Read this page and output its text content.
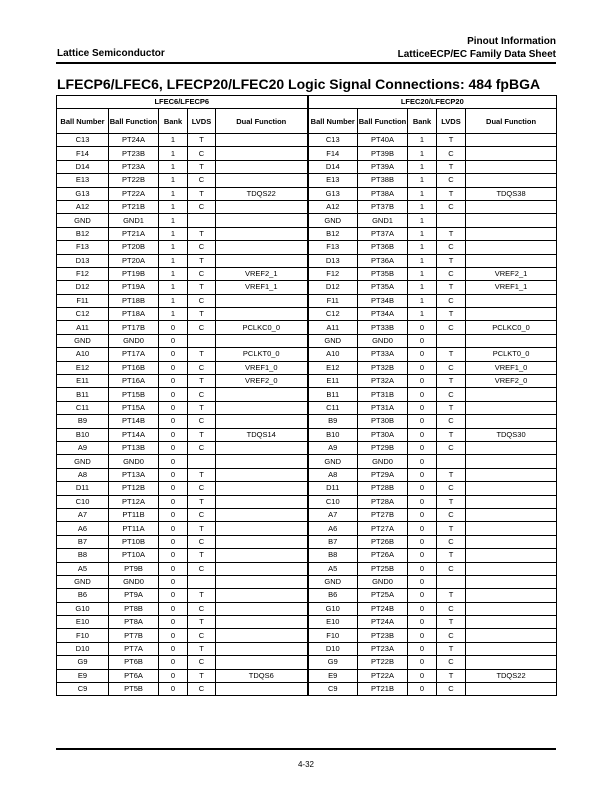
Lattice Semiconductor
Pinout Information
LatticeECP/EC Family Data Sheet
LFECP6/LFEC6, LFECP20/LFEC20 Logic Signal Connections: 484 fpBGA
LFEC6/LFECP6					LFEC20/LFECP20				
Ball Number	Ball Function	Bank	LVDS	Dual Function	Ball Number	Ball Function	Bank	LVDS	Dual Function
C13	PT24A	1	T		C13	PT40A	1	T	
F14	PT23B	1	C		F14	PT39B	1	C	
D14	PT23A	1	T		D14	PT39A	1	T	
E13	PT22B	1	C		E13	PT38B	1	C	
G13	PT22A	1	T	TDQS22	G13	PT38A	1	T	TDQS38
A12	PT21B	1	C		A12	PT37B	1	C	
GND	GND1	1			GND	GND1	1		
B12	PT21A	1	T		B12	PT37A	1	T	
F13	PT20B	1	C		F13	PT36B	1	C	
D13	PT20A	1	T		D13	PT36A	1	T	
F12	PT19B	1	C	VREF2_1	F12	PT35B	1	C	VREF2_1
D12	PT19A	1	T	VREF1_1	D12	PT35A	1	T	VREF1_1
F11	PT18B	1	C		F11	PT34B	1	C	
C12	PT18A	1	T		C12	PT34A	1	T	
A11	PT17B	0	C	PCLKC0_0	A11	PT33B	0	C	PCLKC0_0
GND	GND0	0			GND	GND0	0		
A10	PT17A	0	T	PCLKT0_0	A10	PT33A	0	T	PCLKT0_0
E12	PT16B	0	C	VREF1_0	E12	PT32B	0	C	VREF1_0
E11	PT16A	0	T	VREF2_0	E11	PT32A	0	T	VREF2_0
B11	PT15B	0	C		B11	PT31B	0	C	
C11	PT15A	0	T		C11	PT31A	0	T	
B9	PT14B	0	C		B9	PT30B	0	C	
B10	PT14A	0	T	TDQS14	B10	PT30A	0	T	TDQS30
A9	PT13B	0	C		A9	PT29B	0	C	
GND	GND0	0			GND	GND0	0		
A8	PT13A	0	T		A8	PT29A	0	T	
D11	PT12B	0	C		D11	PT28B	0	C	
C10	PT12A	0	T		C10	PT28A	0	T	
A7	PT11B	0	C		A7	PT27B	0	C	
A6	PT11A	0	T		A6	PT27A	0	T	
B7	PT10B	0	C		B7	PT26B	0	C	
B8	PT10A	0	T		B8	PT26A	0	T	
A5	PT9B	0	C		A5	PT25B	0	C	
GND	GND0	0			GND	GND0	0		
B6	PT9A	0	T		B6	PT25A	0	T	
G10	PT8B	0	C		G10	PT24B	0	C	
E10	PT8A	0	T		E10	PT24A	0	T	
F10	PT7B	0	C		F10	PT23B	0	C	
D10	PT7A	0	T		D10	PT23A	0	T	
G9	PT6B	0	C		G9	PT22B	0	C	
E9	PT6A	0	T	TDQS6	E9	PT22A	0	T	TDQS22
C9	PT5B	0	C		C9	PT21B	0	C	
4-32
